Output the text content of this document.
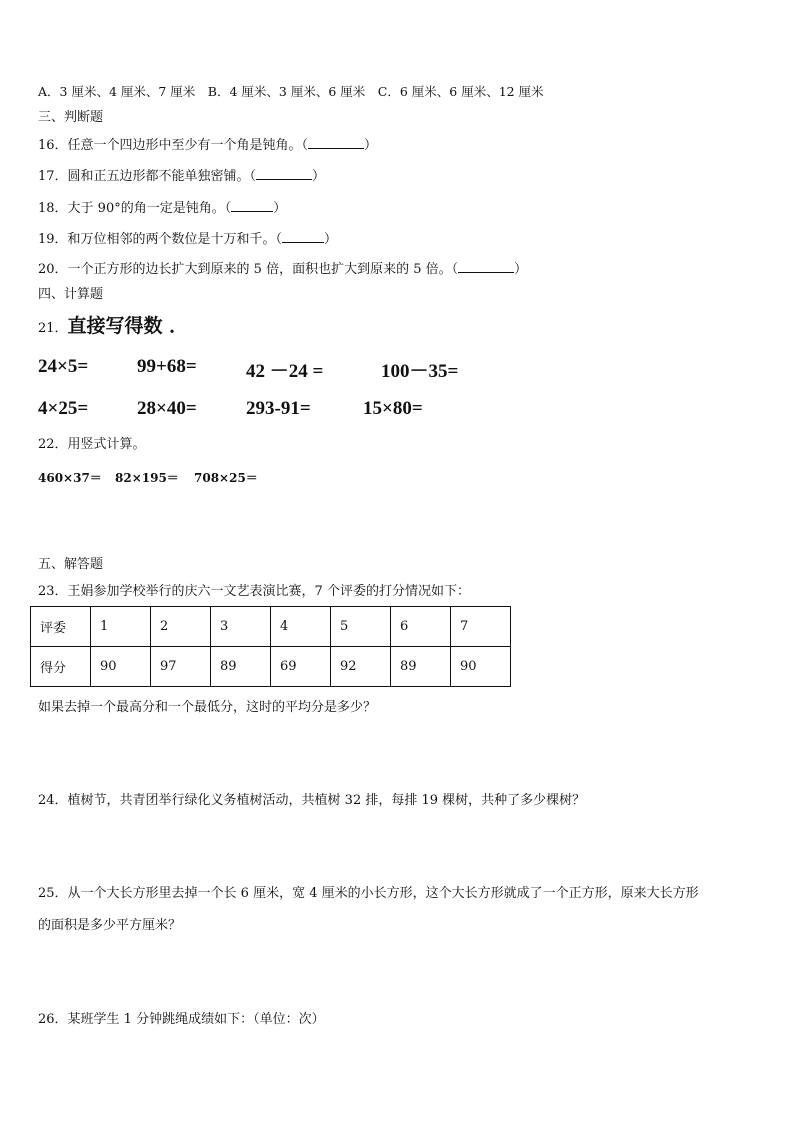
A．3 厘米、4 厘米、7 厘米　B．4 厘米、3 厘米、6 厘米　C．6 厘米、6 厘米、12 厘米
三、判断题
16．任意一个四边形中至少有一个角是钝角。（	）
17．圆和正五边形都不能单独密铺。（	）
18．大于 90°的角一定是钝角。（	）
19．和万位相邻的两个数位是十万和千。（	）
20．一个正方形的边长扩大到原来的 5 倍，面积也扩大到原来的 5 倍。（	）
四、计算题
21．直接写得数 ．
24×5=	99+68=	42 －24 =	100－35=
4×25=	28×40=	293-91=	15×80=
22．用竖式计算。
460×37＝ 82×195＝ 708×25＝
五、解答题
23．王娟参加学校举行的庆六一文艺表演比赛，7 个评委的打分情况如下：
评委	1	2	3	4	5	6	7
得分	90	97	89	69	92	89	90
如果去掉一个最高分和一个最低分，这时的平均分是多少？
24．植树节，共青团举行绿化义务植树活动，共植树 32 排，每排 19 棵树，共种了多少棵树？
25．从一个大长方形里去掉一个长 6 厘米，宽 4 厘米的小长方形，这个大长方形就成了一个正方形，原来大长方形
的面积是多少平方厘米？
26．某班学生 1 分钟跳绳成绩如下：（单位：次）
